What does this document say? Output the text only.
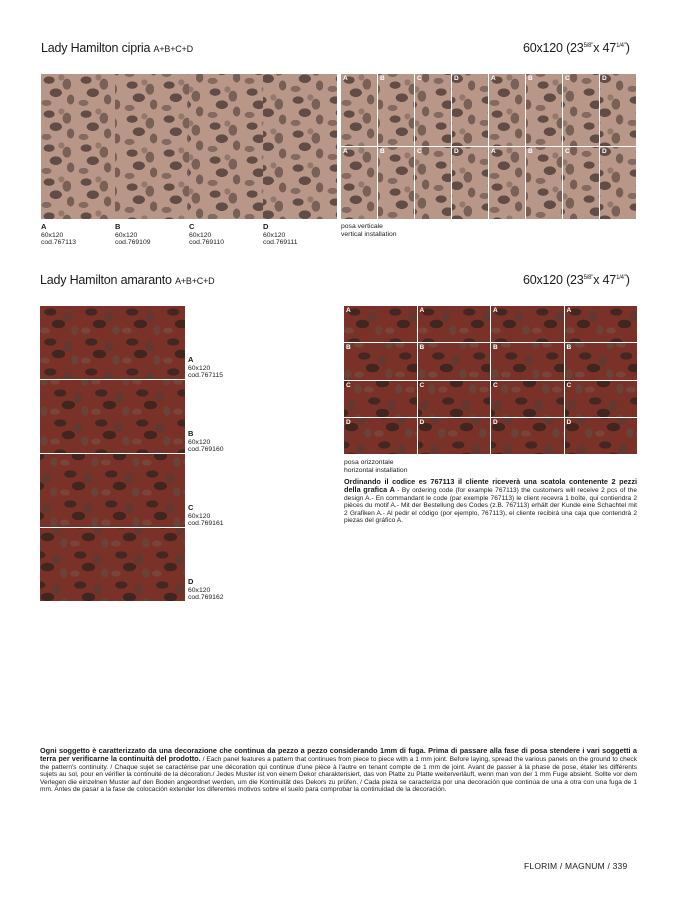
Lady Hamilton cipria A+B+C+D	60x120 ($23^{5/8"}x$ $47^{1/4"}$)
A
60x120
cod.767113
B
60x120
cod.769109
C
60x120
cod.769110
D
60x120
cod.769111
A	B	C	D	A	B	C	D
A	B	C	D	A	B	C	D
posa verticale
vertical installation
Lady Hamilton amaranto A+B+C+D	60x120 ($23^{5/8"}x$ $47^{1/4"}$)
A
60x120
cod.767115
B
60x120
cod.769160
C
60x120
cod.769161
D
60x120
cod.769162
A	A	A	A
B	B	B	B
C	C	C	C
D	D	D	D
posa orizzontale
horizontal installation
Ordinando il codice es 767113 il cliente riceverà una scatola contenente 2 pezzi della grafica A - By ordering code (for example 767113) the customers will receive 2 pcs of the design A.- En commandant le code (par exemple 767113) le client recevra 1 boîte, qui contiendra 2 pièces du motif A.- Mit der Bestellung des Codes (z.B. 767113) erhält der Kunde eine Schachtel mit 2 Grafiken A.- Al pedir el código (por ejemplo, 767113), el cliente recibirá una caja que contendrá 2 piezas del gráfico A.
Ogni soggetto è caratterizzato da una decorazione che continua da pezzo a pezzo considerando 1mm di fuga. Prima di passare alla fase di posa stendere i vari soggetti a terra per verificarne la continuità del prodotto. / Each panel features a pattern that continues from piece to piece with a 1 mm joint. Before laying, spread the various panels on the ground to check the pattern's continuity. / Chaque sujet se caractérise par une décoration qui continue d'une pièce à l'autre en tenant compte de 1 mm de joint. Avant de passer à la phase de pose, étaler les différents sujets au sol, pour en vérifier la continuité de la décoration./ Jedes Muster ist von einem Dekor charakterisiert, das von Platte zu Platte weiterverläuft, wenn man von der 1 mm Fuge absieht. Sollte vor dem Verlegen die einzelnen Muster auf den Boden angeordnet werden, um die Kontinuität des Dekors zu prüfen. / Cada pieza se caracteriza por una decoración que continúa de una a otra con una fuga de 1 mm. Antes de pasar a la fase de colocación extender los diferentes motivos sobre el suelo para comprobar la continuidad de la decoración.
FLORIM / MAGNUM / 339
